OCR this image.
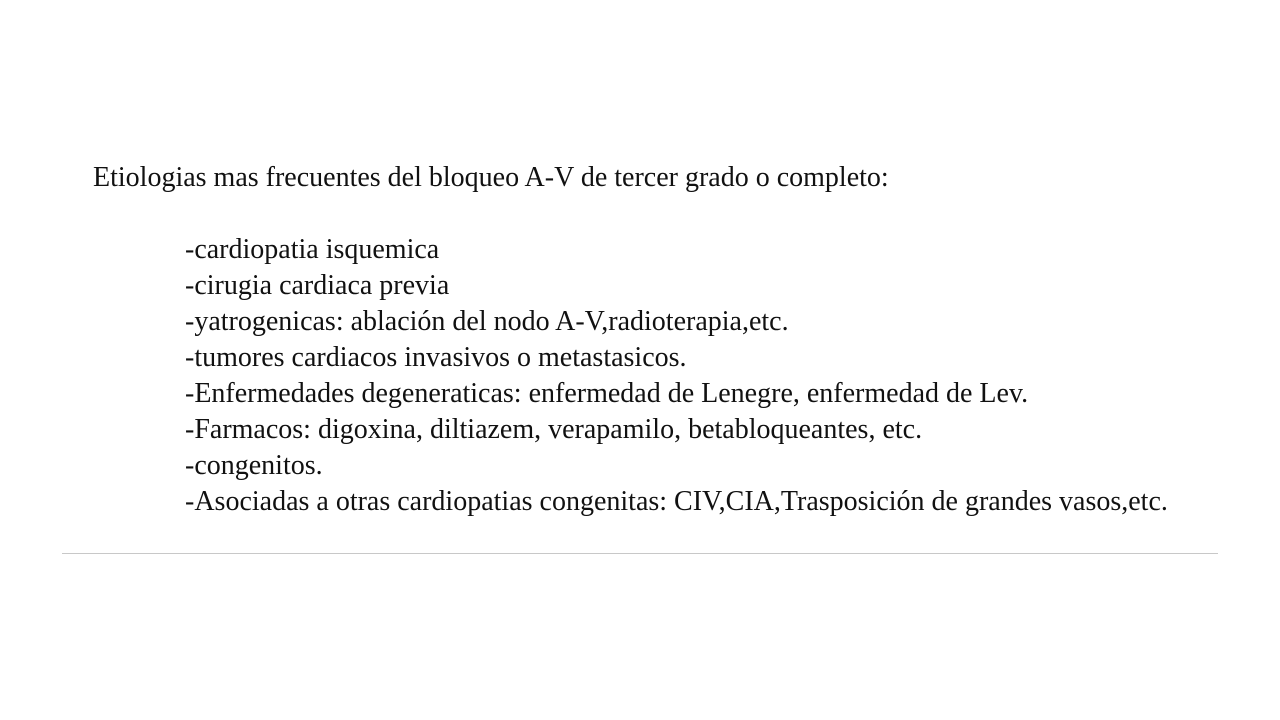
Etiologias mas frecuentes del bloqueo A-V de tercer grado o completo:

-cardiopatia isquemica

-cirugia cardiaca previa

-yatrogenicas: ablación del nodo A-V,radioterapia,etc.

-tumores cardiacos invasivos o metastasicos.

-Enfermedades degeneraticas: enfermedad de Lenegre, enfermedad de Lev.

-Farmacos: digoxina, diltiazem, verapamilo, betabloqueantes, etc.

-congenitos.

-Asociadas a otras cardiopatias congenitas: CIV,CIA,Trasposición de grandes vasos,etc.
